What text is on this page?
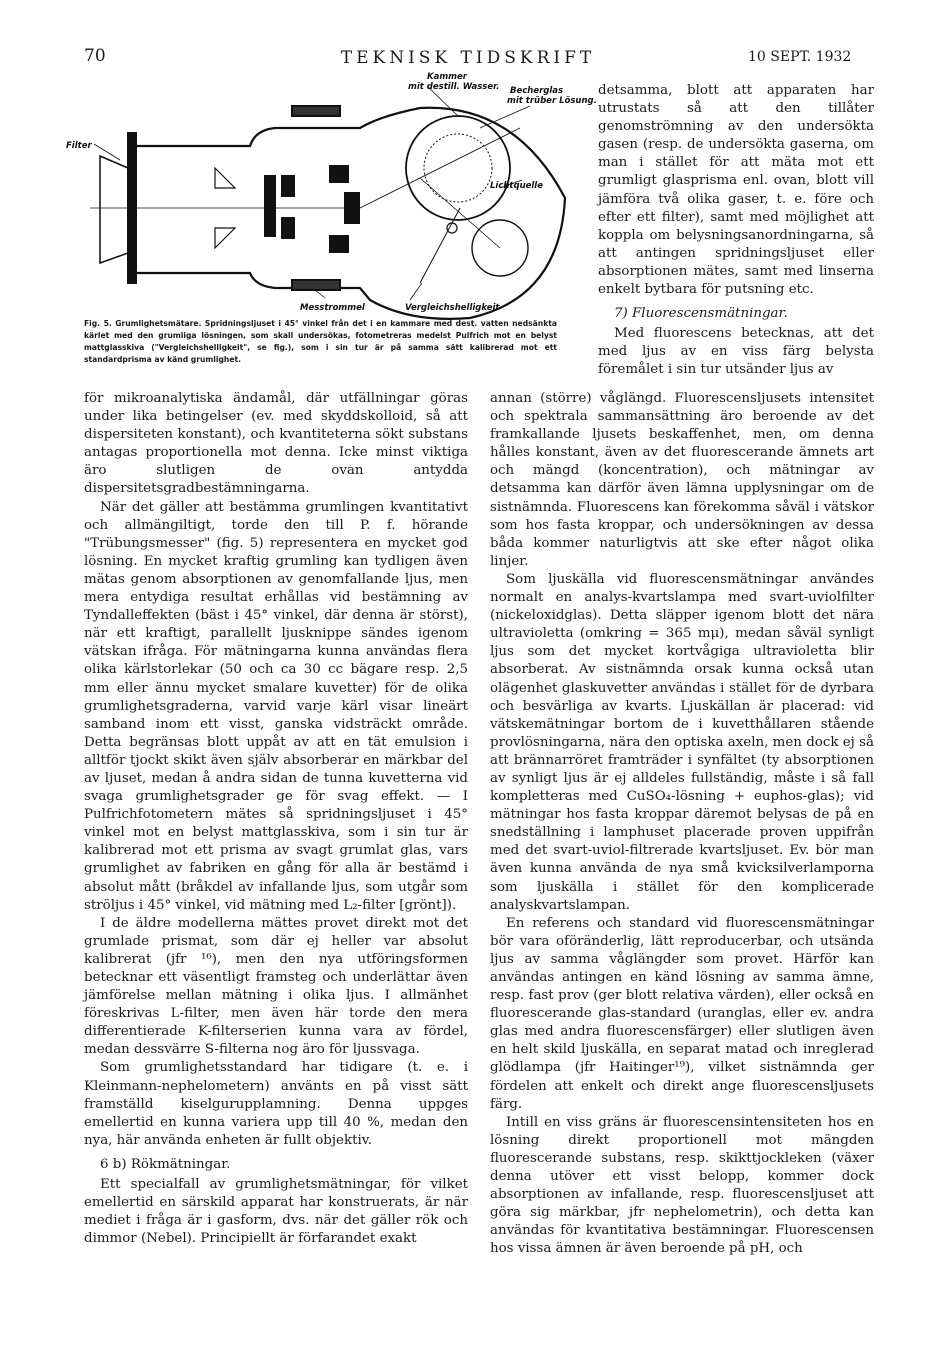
70	TEKNISK TIDSKRIFT	10 SEPT. 1932
Kammer
mit destill. Wasser. Becherglas
mit trüber Lösung.
Filter
Lichtquelle
Messtrommel	Vergleichshelligkeit
Fig. 5. Grumlighetsmätare. Spridningsljuset i 45° vinkel från det i en kammare med dest. vatten nedsänkta kärlet med den grumliga lösningen, som skall undersökas, fotometreras medelst Pulfrich mot en belyst mattglasskiva ("Vergleichshelligkeit", se fig.), som i sin tur är på samma sätt kalibrerad mot ett standardprisma av känd grumlighet.

detsamma, blott att apparaten har utrustats så att den tillåter genomströmning av den undersökta gasen (resp. de undersökta gaserna, om man i stället för att mäta mot ett grumligt glasprisma enl. ovan, blott vill jämföra två olika gaser, t. e. före och efter ett filter), samt med möjlighet att koppla om belysningsanordningarna, så att antingen spridningsljuset eller absorptionen mätes, samt med linserna enkelt bytbara för putsning etc.

7) Fluorescensmätningar.

Med fluorescens betecknas, att det med ljus av en viss färg belysta föremålet i sin tur utsänder ljus av

för mikroanalytiska ändamål, där utfällningar göras under lika betingelser (ev. med skyddskolloid, så att dispersiteten konstant), och kvantiteterna sökt substans antagas proportionella mot denna. Icke minst viktiga äro slutligen de ovan antydda dispersitetsgradbestämningarna.

När det gäller att bestämma grumlingen kvantitativt och allmängiltigt, torde den till P. f. hörande "Trübungsmesser" (fig. 5) representera en mycket god lösning. En mycket kraftig grumling kan tydligen även mätas genom absorptionen av genomfallande ljus, men mera entydiga resultat erhållas vid bestämning av Tyndalleffekten (bäst i 45° vinkel, där denna är störst), när ett kraftigt, parallellt ljusknippe sändes igenom vätskan ifråga. För mätningarna kunna användas flera olika kärlstorlekar (50 och ca 30 cc bägare resp. 2,5 mm eller ännu mycket smalare kuvetter) för de olika grumlighetsgraderna, varvid varje kärl visar lineärt samband inom ett visst, ganska vidsträckt område. Detta begränsas blott uppåt av att en tät emulsion i alltför tjockt skikt även själv absorberar en märkbar del av ljuset, medan å andra sidan de tunna kuvetterna vid svaga grumlighetsgrader ge för svag effekt. — I Pulfrichfotometern mätes så spridningsljuset i 45° vinkel mot en belyst mattglasskiva, som i sin tur är kalibrerad mot ett prisma av svagt grumlat glas, vars grumlighet av fabriken en gång för alla är bestämd i absolut mått (bråkdel av infallande ljus, som utgår som ströljus i 45° vinkel, vid mätning med L₂-filter [grönt]).

I de äldre modellerna mättes provet direkt mot det grumlade prismat, som där ej heller var absolut kalibrerat (jfr ¹⁶), men den nya utföringsformen betecknar ett väsentligt framsteg och underlättar även jämförelse mellan mätning i olika ljus. I allmänhet föreskrivas L-filter, men även här torde den mera differentierade K-filterserien kunna vara av fördel, medan dessvärre S-filterna nog äro för ljussvaga.

Som grumlighetsstandard har tidigare (t. e. i Kleinmann-nephelometern) använts en på visst sätt framställd kiselgurupplamning. Denna uppges emellertid en kunna variera upp till 40 %, medan den nya, här använda enheten är fullt objektiv.

6 b) Rökmätningar.

Ett specialfall av grumlighetsmätningar, för vilket emellertid en särskild apparat har konstruerats, är när mediet i fråga är i gasform, dvs. när det gäller rök och dimmor (Nebel). Principiellt är förfarandet exakt

annan (större) våglängd. Fluorescensljusets intensitet och spektrala sammansättning äro beroende av det framkallande ljusets beskaffenhet, men, om denna hålles konstant, även av det fluorescerande ämnets art och mängd (koncentration), och mätningar av detsamma kan därför även lämna upplysningar om de sistnämnda. Fluorescens kan förekomma såväl i vätskor som hos fasta kroppar, och undersökningen av dessa båda kommer naturligtvis att ske efter något olika linjer.

Som ljuskälla vid fluorescensmätningar användes normalt en analys-kvartslampa med svart-uviolfilter (nickeloxidglas). Detta släpper igenom blott det nära ultravioletta (omkring = 365 mμ), medan såväl synligt ljus som det mycket kortvågiga ultravioletta blir absorberat. Av sistnämnda orsak kunna också utan olägenhet glaskuvetter användas i stället för de dyrbara och besvärliga av kvarts. Ljuskällan är placerad: vid vätskemätningar bortom de i kuvetthållaren stående provlösningarna, nära den optiska axeln, men dock ej så att brännarröret framträder i synfältet (ty absorptionen av synligt ljus är ej alldeles fullständig, måste i så fall kompletteras med CuSO₄-lösning + euphos-glas); vid mätningar hos fasta kroppar däremot belysas de på en snedställning i lamphuset placerade proven uppifrån med det svart-uviol-filtrerade kvartsljuset. Ev. bör man även kunna använda de nya små kvicksilverlamporna som ljuskälla i stället för den komplicerade analyskvartslampan.

En referens och standard vid fluorescensmätningar bör vara oföränderlig, lätt reproducerbar, och utsända ljus av samma våglängder som provet. Härför kan användas antingen en känd lösning av samma ämne, resp. fast prov (ger blott relativa värden), eller också en fluorescerande glas-standard (uranglas, eller ev. andra glas med andra fluorescensfärger) eller slutligen även en helt skild ljuskälla, en separat matad och inreglerad glödlampa (jfr Haitinger¹⁹), vilket sistnämnda ger fördelen att enkelt och direkt ange fluorescensljusets färg.

Intill en viss gräns är fluorescensintensiteten hos en lösning direkt proportionell mot mängden fluorescerande substans, resp. skikttjockleken (växer denna utöver ett visst belopp, kommer dock absorptionen av infallande, resp. fluorescensljuset att göra sig märkbar, jfr nephelometrin), och detta kan användas för kvantitativa bestämningar. Fluorescensen hos vissa ämnen är även beroende på pH, och
